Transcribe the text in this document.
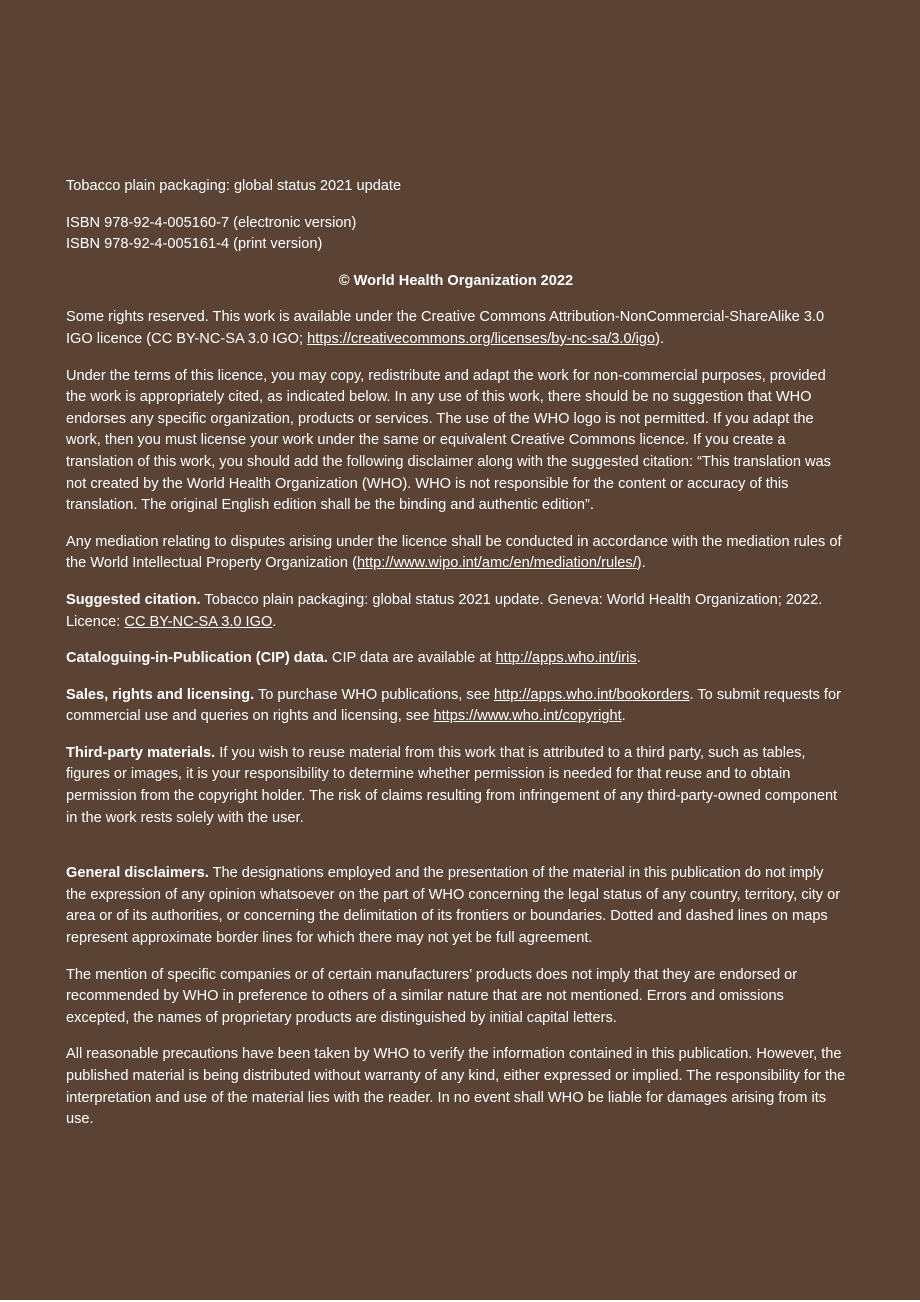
Tobacco plain packaging: global status 2021 update

ISBN 978-92-4-005160-7 (electronic version)
ISBN 978-92-4-005161-4 (print version)

© World Health Organization 2022

Some rights reserved. This work is available under the Creative Commons Attribution-NonCommercial-ShareAlike 3.0 IGO licence (CC BY-NC-SA 3.0 IGO; https://creativecommons.org/licenses/by-nc-sa/3.0/igo).

Under the terms of this licence, you may copy, redistribute and adapt the work for non-commercial purposes, provided the work is appropriately cited, as indicated below. In any use of this work, there should be no suggestion that WHO endorses any specific organization, products or services. The use of the WHO logo is not permitted. If you adapt the work, then you must license your work under the same or equivalent Creative Commons licence. If you create a translation of this work, you should add the following disclaimer along with the suggested citation: “This translation was not created by the World Health Organization (WHO). WHO is not responsible for the content or accuracy of this translation. The original English edition shall be the binding and authentic edition”.

Any mediation relating to disputes arising under the licence shall be conducted in accordance with the mediation rules of the World Intellectual Property Organization (http://www.wipo.int/amc/en/mediation/rules/).

Suggested citation. Tobacco plain packaging: global status 2021 update. Geneva: World Health Organization; 2022. Licence: CC BY-NC-SA 3.0 IGO.

Cataloguing-in-Publication (CIP) data. CIP data are available at http://apps.who.int/iris.

Sales, rights and licensing. To purchase WHO publications, see http://apps.who.int/bookorders. To submit requests for commercial use and queries on rights and licensing, see https://www.who.int/copyright.

Third-party materials. If you wish to reuse material from this work that is attributed to a third party, such as tables, figures or images, it is your responsibility to determine whether permission is needed for that reuse and to obtain permission from the copyright holder. The risk of claims resulting from infringement of any third-party-owned component in the work rests solely with the user.

General disclaimers. The designations employed and the presentation of the material in this publication do not imply the expression of any opinion whatsoever on the part of WHO concerning the legal status of any country, territory, city or area or of its authorities, or concerning the delimitation of its frontiers or boundaries. Dotted and dashed lines on maps represent approximate border lines for which there may not yet be full agreement.

The mention of specific companies or of certain manufacturers’ products does not imply that they are endorsed or recommended by WHO in preference to others of a similar nature that are not mentioned. Errors and omissions excepted, the names of proprietary products are distinguished by initial capital letters.

All reasonable precautions have been taken by WHO to verify the information contained in this publication. However, the published material is being distributed without warranty of any kind, either expressed or implied. The responsibility for the interpretation and use of the material lies with the reader. In no event shall WHO be liable for damages arising from its use.
